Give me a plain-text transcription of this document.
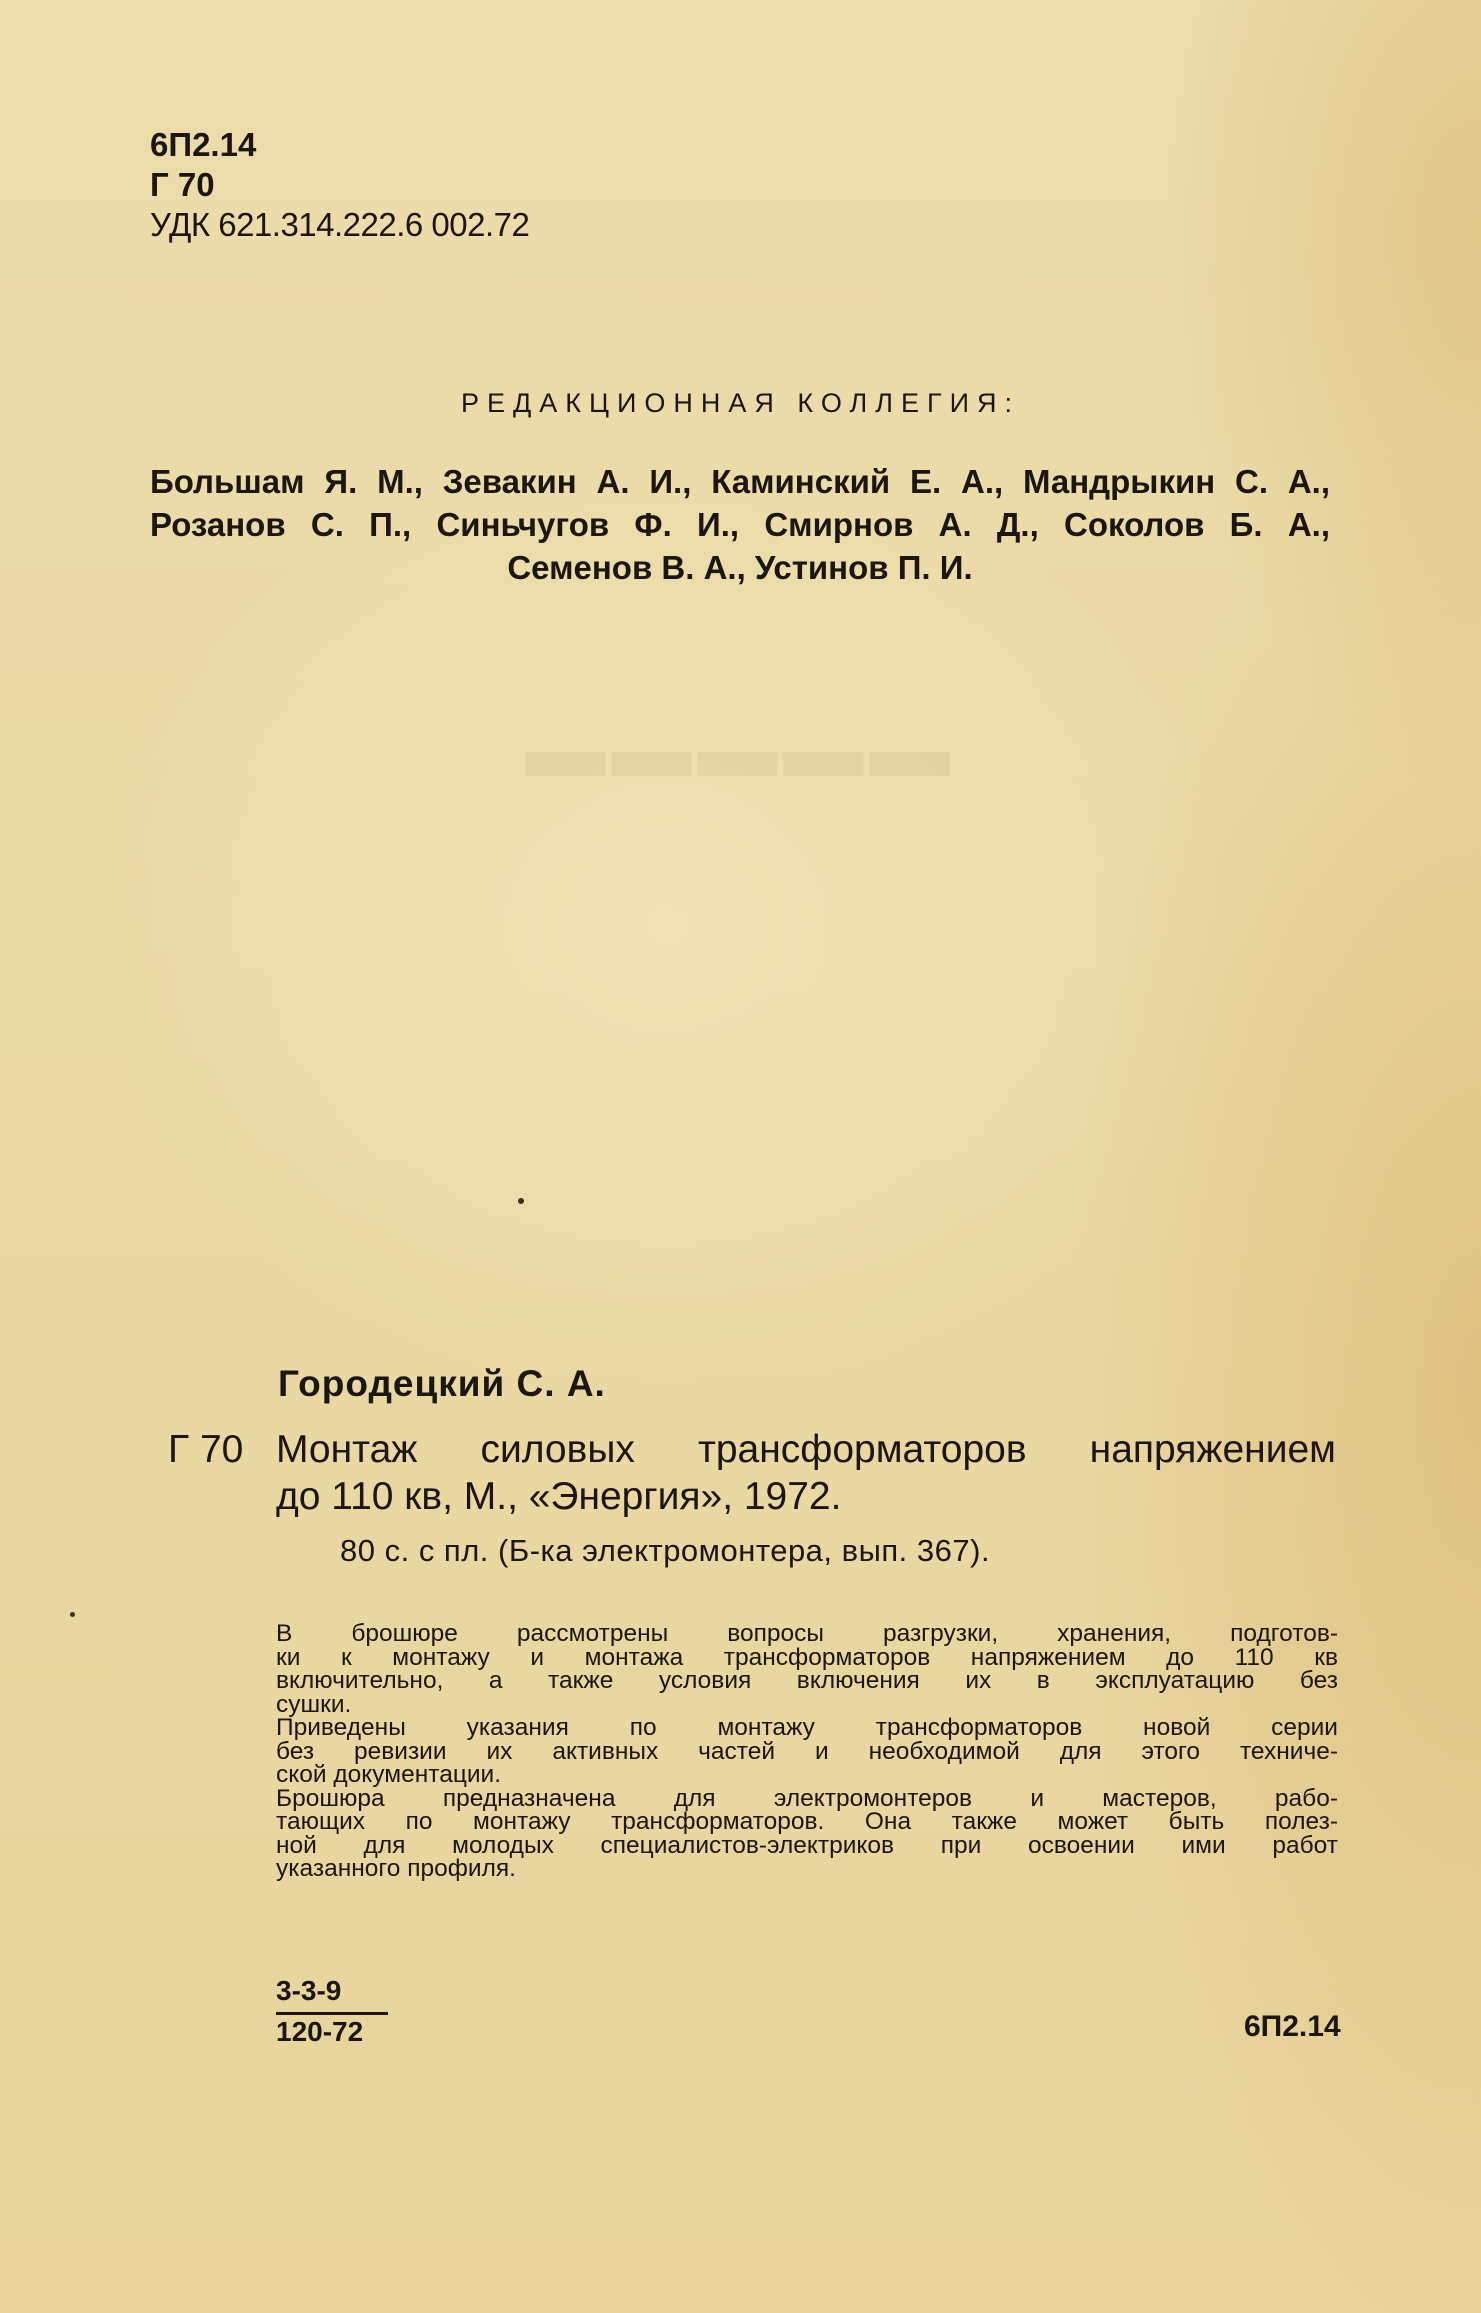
▬▬▬▬▬
6П2.14
Г 70
УДК 621.314.222.6 002.72
РЕДАКЦИОННАЯ КОЛЛЕГИЯ:
Большам Я. М., Зевакин А. И., Каминский Е. А., Мандрыкин С. А.,
Розанов С. П., Синьчугов Ф. И., Смирнов А. Д., Соколов Б. А.,
Семенов В. А., Устинов П. И.
Городецкий С. А.
Г 70 Монтаж силовых трансформаторов напряжением
до 110 кв, М., «Энергия», 1972.
80 с. с пл. (Б-ка электромонтера, вып. 367).
В брошюре рассмотрены вопросы разгрузки, хранения, подготов-
ки к монтажу и монтажа трансформаторов напряжением до 110 кв
включительно, а также условия включения их в эксплуатацию без
сушки.
Приведены указания по монтажу трансформаторов новой серии
без ревизии их активных частей и необходимой для этого техниче-
ской документации.
Брошюра предназначена для электромонтеров и мастеров, рабо-
тающих по монтажу трансформаторов. Она также может быть полез-
ной для молодых специалистов-электриков при освоении ими работ
указанного профиля.
3-3-9
120-72	6П2.14
